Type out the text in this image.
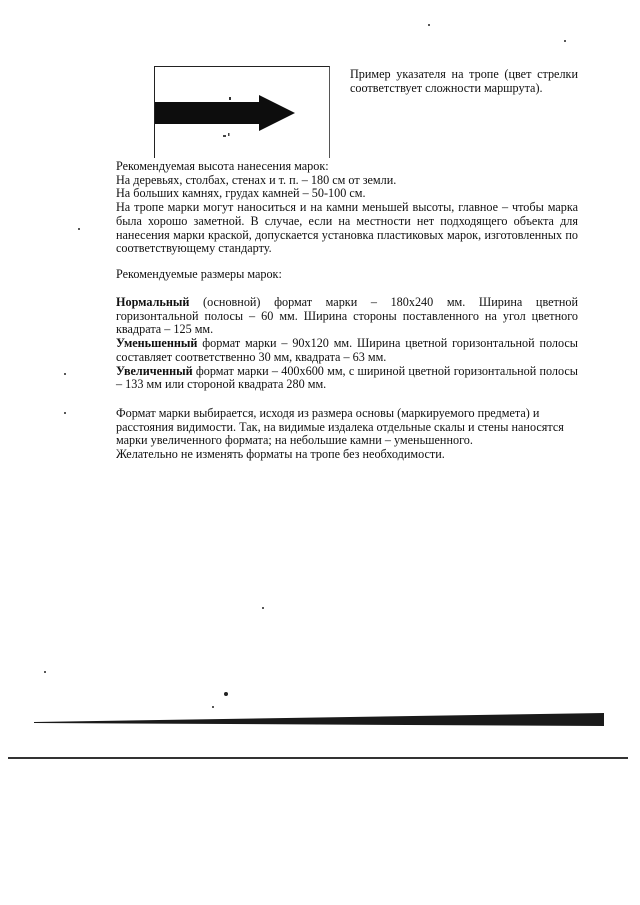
Пример указателя на тропе (цвет стрелки соответствует сложности маршрута).

Рекомендуемая высота нанесения марок:

На деревьях, столбах, стенах и т. п. – 180 см от земли.

На больших камнях, грудах камней – 50-100 см.

На тропе марки могут наноситься и на камни меньшей высоты, главное – чтобы марка была хорошо заметной. В случае, если на местности нет подходящего объекта для нанесения марки краской, допускается установка пластиковых марок, изготовленных по соответствующему стандарту.

Рекомендуемые размеры марок:

Нормальный (основной) формат марки – 180х240 мм. Ширина цветной горизонтальной полосы – 60 мм. Ширина стороны поставленного на угол цветного квадрата – 125 мм.

Уменьшенный формат марки – 90х120 мм. Ширина цветной горизонтальной полосы составляет соответственно 30 мм, квадрата – 63 мм.

Увеличенный формат марки – 400х600 мм, с шириной цветной горизонтальной полосы – 133 мм или стороной квадрата 280 мм.

Формат марки выбирается, исходя из размера основы (маркируемого предмета) и расстояния видимости. Так, на видимые издалека отдельные скалы и стены наносятся марки увеличенного формата; на небольшие камни – уменьшенного.

Желательно не изменять форматы на тропе без необходимости.
